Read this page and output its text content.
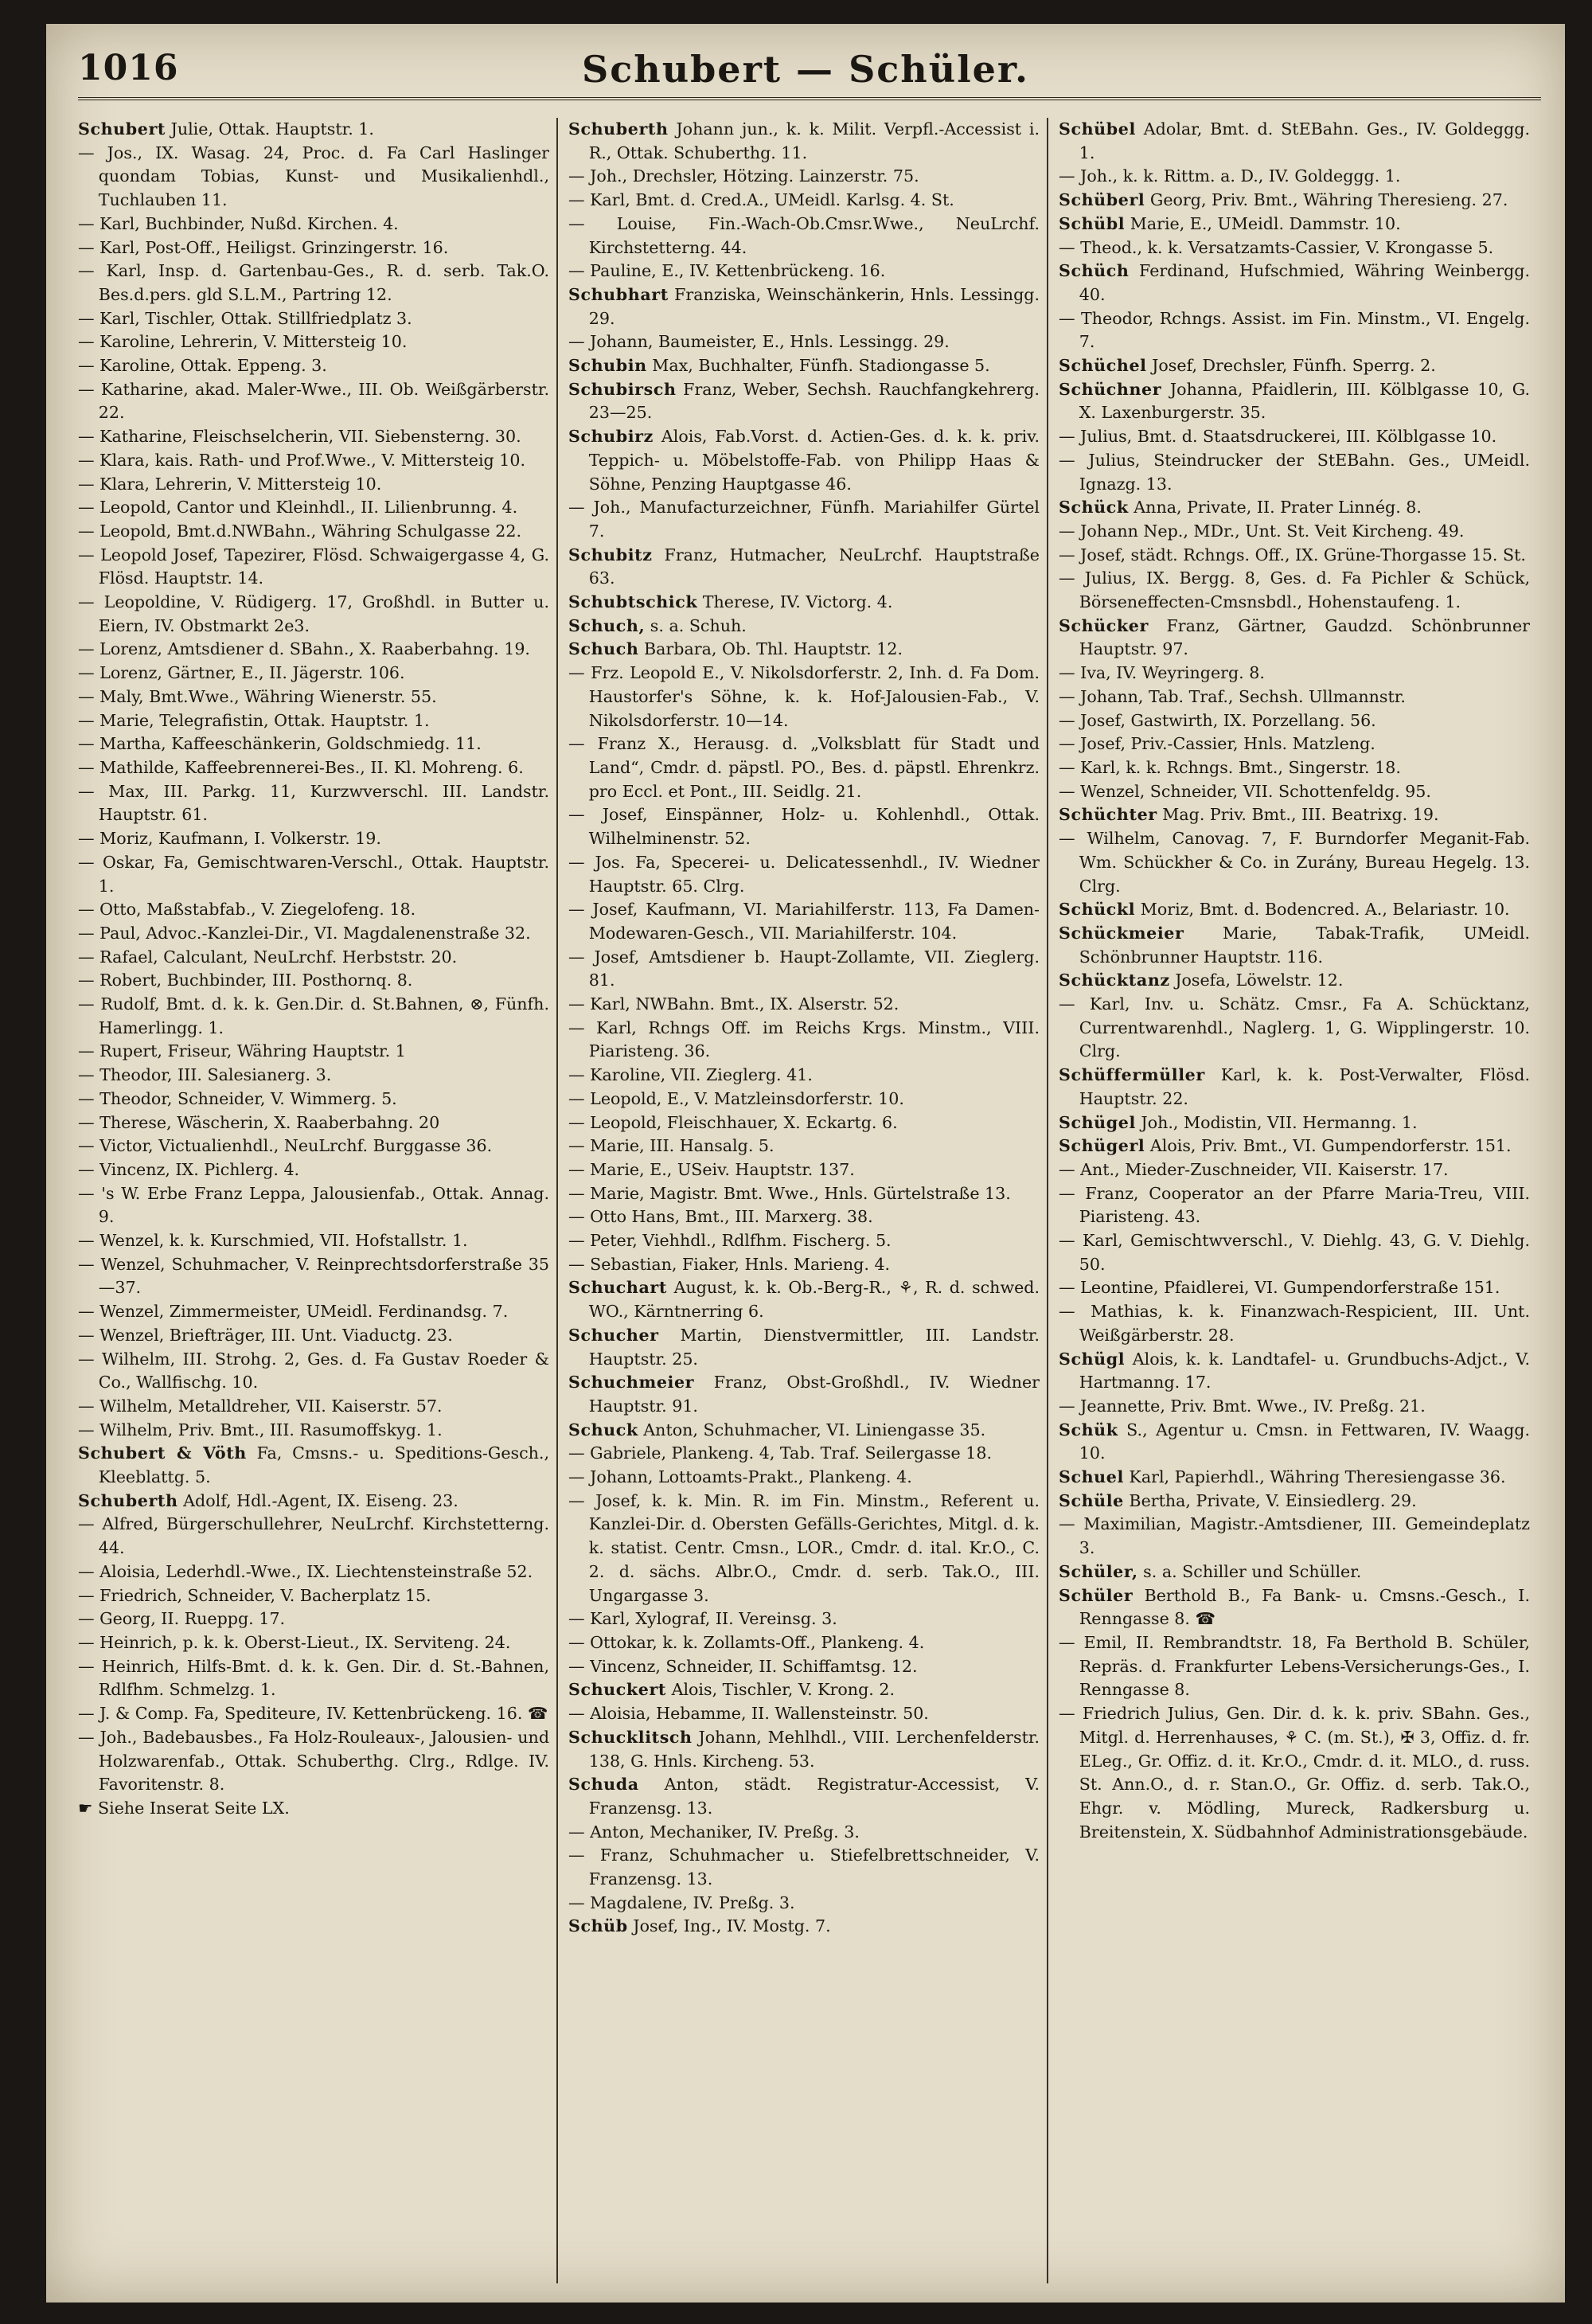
1016	Schubert — Schüler.

Schubert Julie, Ottak. Hauptstr. 1.

— Jos., IX. Wasag. 24, Proc. d. Fa Carl Haslinger quondam Tobias, Kunst- und Musikalienhdl., Tuchlauben 11.

— Karl, Buchbinder, Nußd. Kirchen. 4.

— Karl, Post-Off., Heiligst. Grinzingerstr. 16.

— Karl, Insp. d. Gartenbau-Ges., R. d. serb. Tak.O. Bes.d.pers. gld S.L.M., Partring 12.

— Karl, Tischler, Ottak. Stillfriedplatz 3.

— Karoline, Lehrerin, V. Mittersteig 10.

— Karoline, Ottak. Eppeng. 3.

— Katharine, akad. Maler-Wwe., III. Ob. Weißgärberstr. 22.

— Katharine, Fleischselcherin, VII. Siebensterng. 30.

— Klara, kais. Rath- und Prof.Wwe., V. Mittersteig 10.

— Klara, Lehrerin, V. Mittersteig 10.

— Leopold, Cantor und Kleinhdl., II. Lilienbrunng. 4.

— Leopold, Bmt.d.NWBahn., Währing Schulgasse 22.

— Leopold Josef, Tapezirer, Flösd. Schwaigergasse 4, G. Flösd. Hauptstr. 14.

— Leopoldine, V. Rüdigerg. 17, Großhdl. in Butter u. Eiern, IV. Obstmarkt 2e3.

— Lorenz, Amtsdiener d. SBahn., X. Raaberbahng. 19.

— Lorenz, Gärtner, E., II. Jägerstr. 106.

— Maly, Bmt.Wwe., Währing Wienerstr. 55.

— Marie, Telegrafistin, Ottak. Hauptstr. 1.

— Martha, Kaffeeschänkerin, Goldschmiedg. 11.

— Mathilde, Kaffeebrennerei-Bes., II. Kl. Mohreng. 6.

— Max, III. Parkg. 11, Kurzwverschl. III. Landstr. Hauptstr. 61.

— Moriz, Kaufmann, I. Volkerstr. 19.

— Oskar, Fa, Gemischtwaren-Verschl., Ottak. Hauptstr. 1.

— Otto, Maßstabfab., V. Ziegelofeng. 18.

— Paul, Advoc.-Kanzlei-Dir., VI. Magdalenenstraße 32.

— Rafael, Calculant, NeuLrchf. Herbststr. 20.

— Robert, Buchbinder, III. Posthornq. 8.

— Rudolf, Bmt. d. k. k. Gen.Dir. d. St.Bahnen, ⊗, Fünfh. Hamerlingg. 1.

— Rupert, Friseur, Währing Hauptstr. 1

— Theodor, III. Salesianerg. 3.

— Theodor, Schneider, V. Wimmerg. 5.

— Therese, Wäscherin, X. Raaberbahng. 20

— Victor, Victualienhdl., NeuLrchf. Burggasse 36.

— Vincenz, IX. Pichlerg. 4.

— 's W. Erbe Franz Leppa, Jalousienfab., Ottak. Annag. 9.

— Wenzel, k. k. Kurschmied, VII. Hofstallstr. 1.

— Wenzel, Schuhmacher, V. Reinprechtsdorferstraße 35—37.

— Wenzel, Zimmermeister, UMeidl. Ferdinandsg. 7.

— Wenzel, Briefträger, III. Unt. Viaductg. 23.

— Wilhelm, III. Strohg. 2, Ges. d. Fa Gustav Roeder & Co., Wallfischg. 10.

— Wilhelm, Metalldreher, VII. Kaiserstr. 57.

— Wilhelm, Priv. Bmt., III. Rasumoffskyg. 1.

Schubert & Vöth Fa, Cmsns.- u. Speditions-Gesch., Kleeblattg. 5.

Schuberth Adolf, Hdl.-Agent, IX. Eiseng. 23.

— Alfred, Bürgerschullehrer, NeuLrchf. Kirchstetterng. 44.

— Aloisia, Lederhdl.-Wwe., IX. Liechtensteinstraße 52.

— Friedrich, Schneider, V. Bacherplatz 15.

— Georg, II. Rueppg. 17.

— Heinrich, p. k. k. Oberst-Lieut., IX. Serviteng. 24.

— Heinrich, Hilfs-Bmt. d. k. k. Gen. Dir. d. St.-Bahnen, Rdlfhm. Schmelzg. 1.

— J. & Comp. Fa, Spediteure, IV. Kettenbrückeng. 16. ☎

— Joh., Badebausbes., Fa Holz-Rouleaux-, Jalousien- und Holzwarenfab., Ottak. Schuberthg. Clrg., Rdlge. IV. Favoritenstr. 8.

☛ Siehe Inserat Seite LX.

Schuberth Johann jun., k. k. Milit. Verpfl.-Accessist i. R., Ottak. Schuberthg. 11.

— Joh., Drechsler, Hötzing. Lainzerstr. 75.

— Karl, Bmt. d. Cred.A., UMeidl. Karlsg. 4. St.

— Louise, Fin.-Wach-Ob.Cmsr.Wwe., NeuLrchf. Kirchstetterng. 44.

— Pauline, E., IV. Kettenbrückeng. 16.

Schubhart Franziska, Weinschänkerin, Hnls. Lessingg. 29.

— Johann, Baumeister, E., Hnls. Lessingg. 29.

Schubin Max, Buchhalter, Fünfh. Stadiongasse 5.

Schubirsch Franz, Weber, Sechsh. Rauchfangkehrerg. 23—25.

Schubirz Alois, Fab.Vorst. d. Actien-Ges. d. k. k. priv. Teppich- u. Möbelstoffe-Fab. von Philipp Haas & Söhne, Penzing Hauptgasse 46.

— Joh., Manufacturzeichner, Fünfh. Mariahilfer Gürtel 7.

Schubitz Franz, Hutmacher, NeuLrchf. Hauptstraße 63.

Schubtschick Therese, IV. Victorg. 4.

Schuch, s. a. Schuh.

Schuch Barbara, Ob. Thl. Hauptstr. 12.

— Frz. Leopold E., V. Nikolsdorferstr. 2, Inh. d. Fa Dom. Haustorfer's Söhne, k. k. Hof-Jalousien-Fab., V. Nikolsdorferstr. 10—14.

— Franz X., Herausg. d. „Volksblatt für Stadt und Land“, Cmdr. d. päpstl. PO., Bes. d. päpstl. Ehrenkrz. pro Eccl. et Pont., III. Seidlg. 21.

— Josef, Einspänner, Holz- u. Kohlenhdl., Ottak. Wilhelminenstr. 52.

— Jos. Fa, Specerei- u. Delicatessenhdl., IV. Wiedner Hauptstr. 65. Clrg.

— Josef, Kaufmann, VI. Mariahilferstr. 113, Fa Damen-Modewaren-Gesch., VII. Mariahilferstr. 104.

— Josef, Amtsdiener b. Haupt-Zollamte, VII. Zieglerg. 81.

— Karl, NWBahn. Bmt., IX. Alserstr. 52.

— Karl, Rchngs Off. im Reichs Krgs. Minstm., VIII. Piaristeng. 36.

— Karoline, VII. Zieglerg. 41.

— Leopold, E., V. Matzleinsdorferstr. 10.

— Leopold, Fleischhauer, X. Eckartg. 6.

— Marie, III. Hansalg. 5.

— Marie, E., USeiv. Hauptstr. 137.

— Marie, Magistr. Bmt. Wwe., Hnls. Gürtelstraße 13.

— Otto Hans, Bmt., III. Marxerg. 38.

— Peter, Viehhdl., Rdlfhm. Fischerg. 5.

— Sebastian, Fiaker, Hnls. Marieng. 4.

Schuchart August, k. k. Ob.-Berg-R., ⚘, R. d. schwed. WO., Kärntnerring 6.

Schucher Martin, Dienstvermittler, III. Landstr. Hauptstr. 25.

Schuchmeier Franz, Obst-Großhdl., IV. Wiedner Hauptstr. 91.

Schuck Anton, Schuhmacher, VI. Liniengasse 35.

— Gabriele, Plankeng. 4, Tab. Traf. Seilergasse 18.

— Johann, Lottoamts-Prakt., Plankeng. 4.

— Josef, k. k. Min. R. im Fin. Minstm., Referent u. Kanzlei-Dir. d. Obersten Gefälls-Gerichtes, Mitgl. d. k. k. statist. Centr. Cmsn., LOR., Cmdr. d. ital. Kr.O., C. 2. d. sächs. Albr.O., Cmdr. d. serb. Tak.O., III. Ungargasse 3.

— Karl, Xylograf, II. Vereinsg. 3.

— Ottokar, k. k. Zollamts-Off., Plankeng. 4.

— Vincenz, Schneider, II. Schiffamtsg. 12.

Schuckert Alois, Tischler, V. Krong. 2.

— Aloisia, Hebamme, II. Wallensteinstr. 50.

Schucklitsch Johann, Mehlhdl., VIII. Lerchenfelderstr. 138, G. Hnls. Kircheng. 53.

Schuda Anton, städt. Registratur-Accessist, V. Franzensg. 13.

— Anton, Mechaniker, IV. Preßg. 3.

— Franz, Schuhmacher u. Stiefelbrettschneider, V. Franzensg. 13.

— Magdalene, IV. Preßg. 3.

Schüb Josef, Ing., IV. Mostg. 7.

Schübel Adolar, Bmt. d. StEBahn. Ges., IV. Goldeggg. 1.

— Joh., k. k. Rittm. a. D., IV. Goldeggg. 1.

Schüberl Georg, Priv. Bmt., Währing Theresieng. 27.

Schübl Marie, E., UMeidl. Dammstr. 10.

— Theod., k. k. Versatzamts-Cassier, V. Krongasse 5.

Schüch Ferdinand, Hufschmied, Währing Weinbergg. 40.

— Theodor, Rchngs. Assist. im Fin. Minstm., VI. Engelg. 7.

Schüchel Josef, Drechsler, Fünfh. Sperrg. 2.

Schüchner Johanna, Pfaidlerin, III. Kölblgasse 10, G. X. Laxenburgerstr. 35.

— Julius, Bmt. d. Staatsdruckerei, III. Kölblgasse 10.

— Julius, Steindrucker der StEBahn. Ges., UMeidl. Ignazg. 13.

Schück Anna, Private, II. Prater Linnég. 8.

— Johann Nep., MDr., Unt. St. Veit Kircheng. 49.

— Josef, städt. Rchngs. Off., IX. Grüne-Thorgasse 15. St.

— Julius, IX. Bergg. 8, Ges. d. Fa Pichler & Schück, Börseneffecten-Cmsnsbdl., Hohenstaufeng. 1.

Schücker Franz, Gärtner, Gaudzd. Schönbrunner Hauptstr. 97.

— Iva, IV. Weyringerg. 8.

— Johann, Tab. Traf., Sechsh. Ullmannstr.

— Josef, Gastwirth, IX. Porzellang. 56.

— Josef, Priv.-Cassier, Hnls. Matzleng.

— Karl, k. k. Rchngs. Bmt., Singerstr. 18.

— Wenzel, Schneider, VII. Schottenfeldg. 95.

Schüchter Mag. Priv. Bmt., III. Beatrixg. 19.

— Wilhelm, Canovag. 7, F. Burndorfer Meganit-Fab. Wm. Schückher & Co. in Zurány, Bureau Hegelg. 13. Clrg.

Schückl Moriz, Bmt. d. Bodencred. A., Belariastr. 10.

Schückmeier Marie, Tabak-Trafik, UMeidl. Schönbrunner Hauptstr. 116.

Schücktanz Josefa, Löwelstr. 12.

— Karl, Inv. u. Schätz. Cmsr., Fa A. Schücktanz, Currentwarenhdl., Naglerg. 1, G. Wipplingerstr. 10. Clrg.

Schüffermüller Karl, k. k. Post-Verwalter, Flösd. Hauptstr. 22.

Schügel Joh., Modistin, VII. Hermanng. 1.

Schügerl Alois, Priv. Bmt., VI. Gumpendorferstr. 151.

— Ant., Mieder-Zuschneider, VII. Kaiserstr. 17.

— Franz, Cooperator an der Pfarre Maria-Treu, VIII. Piaristeng. 43.

— Karl, Gemischtwverschl., V. Diehlg. 43, G. V. Diehlg. 50.

— Leontine, Pfaidlerei, VI. Gumpendorferstraße 151.

— Mathias, k. k. Finanzwach-Respicient, III. Unt. Weißgärberstr. 28.

Schügl Alois, k. k. Landtafel- u. Grundbuchs-Adjct., V. Hartmanng. 17.

— Jeannette, Priv. Bmt. Wwe., IV. Preßg. 21.

Schük S., Agentur u. Cmsn. in Fettwaren, IV. Waagg. 10.

Schuel Karl, Papierhdl., Währing Theresiengasse 36.

Schüle Bertha, Private, V. Einsiedlerg. 29.

— Maximilian, Magistr.-Amtsdiener, III. Gemeindeplatz 3.

Schüler, s. a. Schiller und Schüller.

Schüler Berthold B., Fa Bank- u. Cmsns.-Gesch., I. Renngasse 8. ☎

— Emil, II. Rembrandtstr. 18, Fa Berthold B. Schüler, Repräs. d. Frankfurter Lebens-Versicherungs-Ges., I. Renngasse 8.

— Friedrich Julius, Gen. Dir. d. k. k. priv. SBahn. Ges., Mitgl. d. Herrenhauses, ⚘ C. (m. St.), ✠ 3, Offiz. d. fr. ELeg., Gr. Offiz. d. it. Kr.O., Cmdr. d. it. MLO., d. russ. St. Ann.O., d. r. Stan.O., Gr. Offiz. d. serb. Tak.O., Ehgr. v. Mödling, Mureck, Radkersburg u. Breitenstein, X. Südbahnhof Administrationsgebäude.
